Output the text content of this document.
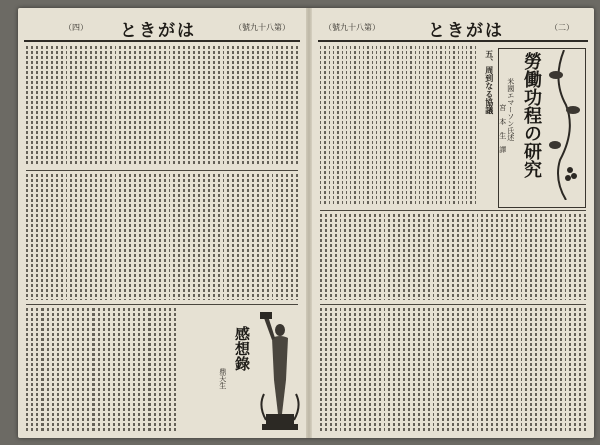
（四） ときがは	（號九十八第）
感想錄
鼎天生
（號九十八第）	ときがは	（二）
勞働功程の研究
米國エマーソン氏述
宮　本　生　譯
五、周到なる協議
